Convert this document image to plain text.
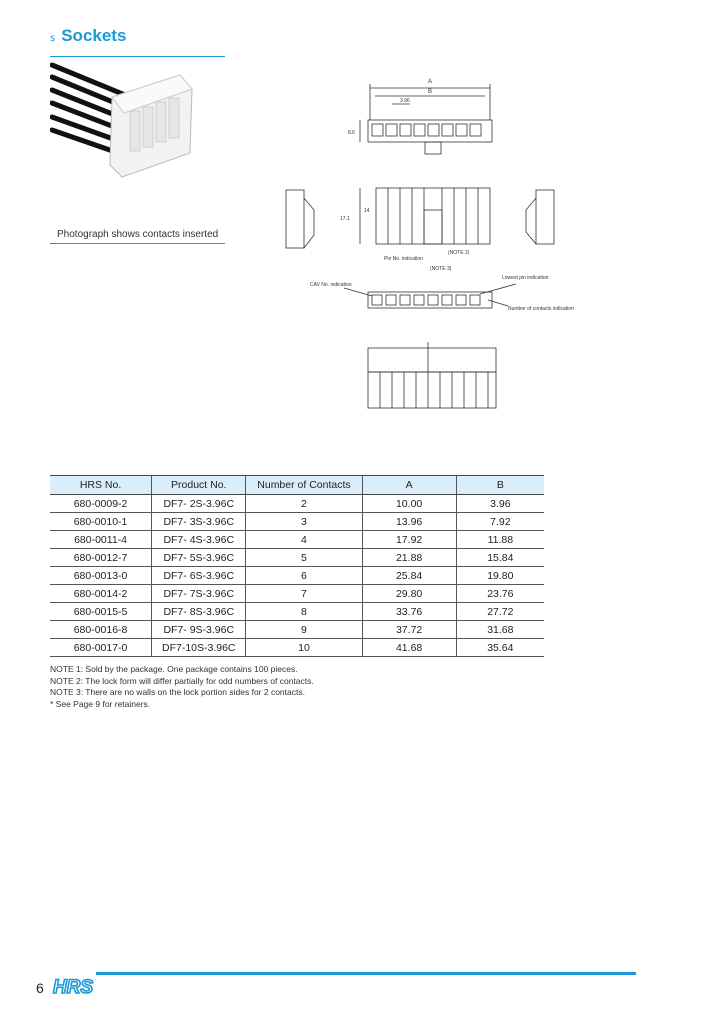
s Sockets
Photograph shows contacts inserted
A
B
3.96
8.6
17.1
14
(NOTE 2)
Pin No. indication
(NOTE 3)
CAV No. indication
Lowest pin indication
Number of contacts indication
HRS No.	Product No.	Number of Contacts	A	B
680-0009-2	DF7- 2S-3.96C	2	10.00	3.96
680-0010-1	DF7- 3S-3.96C	3	13.96	7.92
680-0011-4	DF7- 4S-3.96C	4	17.92	11.88
680-0012-7	DF7- 5S-3.96C	5	21.88	15.84
680-0013-0	DF7- 6S-3.96C	6	25.84	19.80
680-0014-2	DF7- 7S-3.96C	7	29.80	23.76
680-0015-5	DF7- 8S-3.96C	8	33.76	27.72
680-0016-8	DF7- 9S-3.96C	9	37.72	31.68
680-0017-0	DF7-10S-3.96C	10	41.68	35.64
NOTE 1: Sold by the package. One package contains 100 pieces.
NOTE 2: The lock form will differ partially for odd numbers of contacts.
NOTE 3: There are no walls on the lock portion sides for 2 contacts.
* See Page 9 for retainers.
6 HRS
